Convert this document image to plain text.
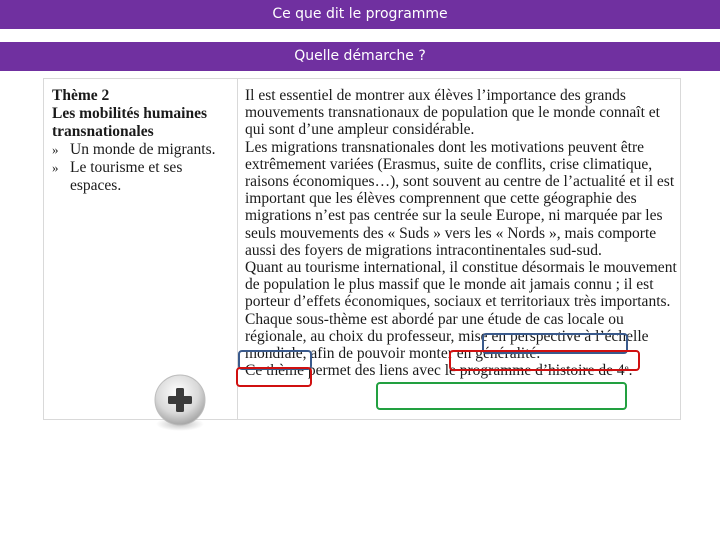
Ce que dit le programme
Quelle démarche ?
Thème 2
Les mobilités humaines transnationales
» Un monde de migrants.
» Le tourisme et ses espaces.

Il est essentiel de montrer aux élèves l’importance des grands mouvements transnationaux de population que le monde connaît et qui sont d’une ampleur considérable.

Les migrations transnationales dont les motivations peuvent être extrêmement variées (Erasmus, suite de conflits, crise climatique, raisons économiques…), sont souvent au centre de l’actualité et il est important que les élèves comprennent que cette géographie des migrations n’est pas centrée sur la seule Europe, ni marquée par les seuls mouvements des « Suds » vers les « Nords », mais comporte aussi des foyers de migrations intracontinentales sud-sud.

Quant au tourisme international, il constitue désormais le mouvement de population le plus massif que le monde ait jamais connu ; il est porteur d’effets économiques, sociaux et territoriaux très importants.

Chaque sous-thème est abordé par une étude de cas locale ou régionale, au choix du professeur, mise en perspective à l’échelle mondiale, afin de pouvoir monter en généralité.

Ce thème permet des liens avec le programme d’histoire de 4ᵉ.
